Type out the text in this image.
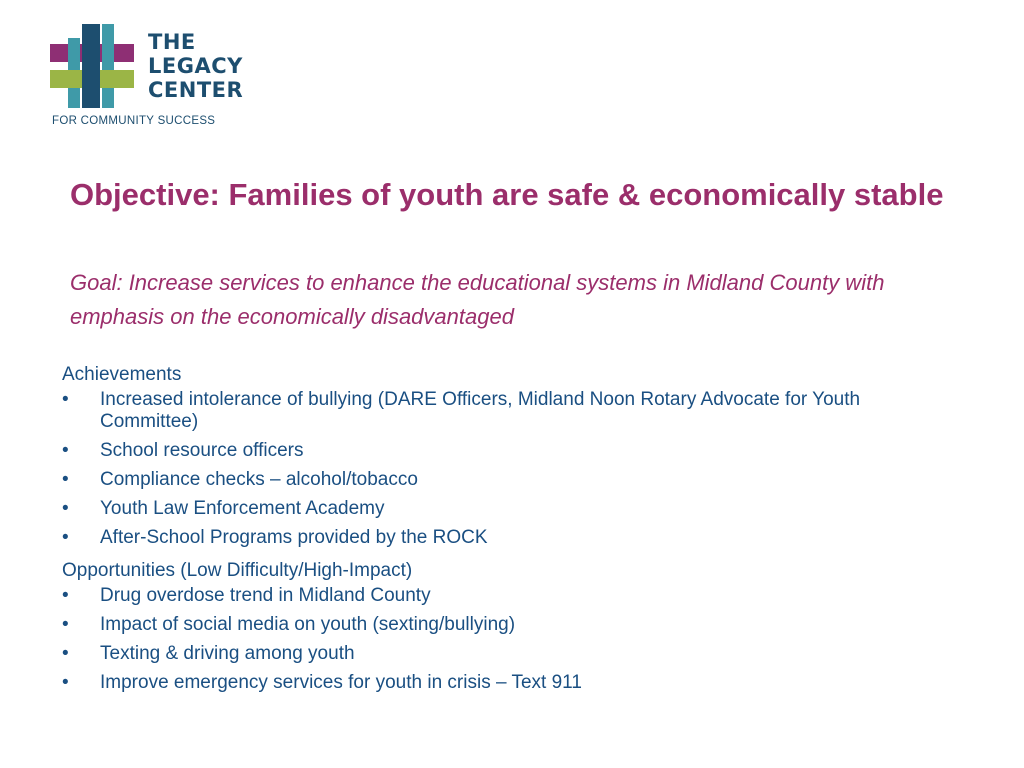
THE
LEGACY
CENTER
FOR COMMUNITY SUCCESS
Objective: Families of youth are safe & economically stable

Goal: Increase services to enhance the educational systems in Midland County with emphasis on the economically disadvantaged

Achievements
• Increased intolerance of bullying (DARE Officers, Midland Noon Rotary Advocate for Youth Committee)
• School resource officers
• Compliance checks – alcohol/tobacco
• Youth Law Enforcement Academy
• After-School Programs provided by the ROCK
Opportunities (Low Difficulty/High-Impact)
• Drug overdose trend in Midland County
• Impact of social media on youth (sexting/bullying)
• Texting & driving among youth
• Improve emergency services for youth in crisis – Text 911
